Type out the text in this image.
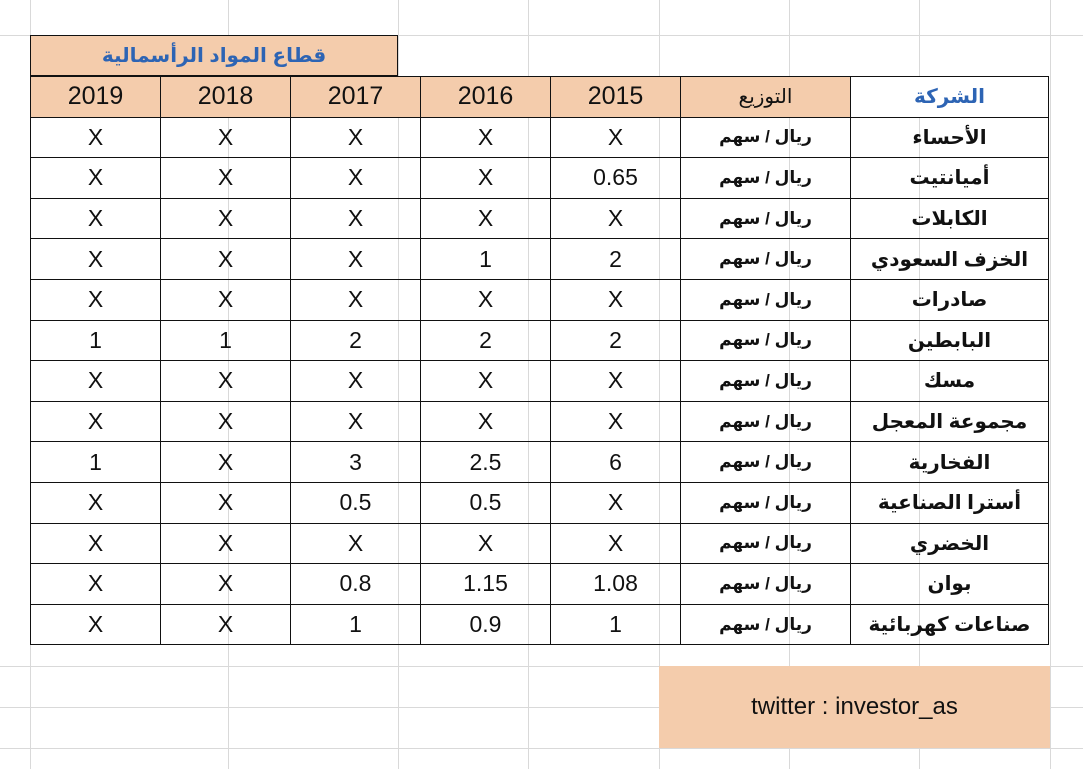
قطاع المواد الرأسمالية
2019	2018	2017	2016	2015	التوزيع	الشركة
X	X	X	X	X	ريال / سهم	الأحساء
X	X	X	X	0.65	ريال / سهم	أميانتيت
X	X	X	X	X	ريال / سهم	الكابلات
X	X	X	1	2	ريال / سهم	الخزف السعودي
X	X	X	X	X	ريال / سهم	صادرات
1	1	2	2	2	ريال / سهم	البابطين
X	X	X	X	X	ريال / سهم	مسك
X	X	X	X	X	ريال / سهم	مجموعة المعجل
1	X	3	2.5	6	ريال / سهم	الفخارية
X	X	0.5	0.5	X	ريال / سهم	أسترا الصناعية
X	X	X	X	X	ريال / سهم	الخضري
X	X	0.8	1.15	1.08	ريال / سهم	بوان
X	X	1	0.9	1	ريال / سهم	صناعات كهربائية
twitter : investor_as
